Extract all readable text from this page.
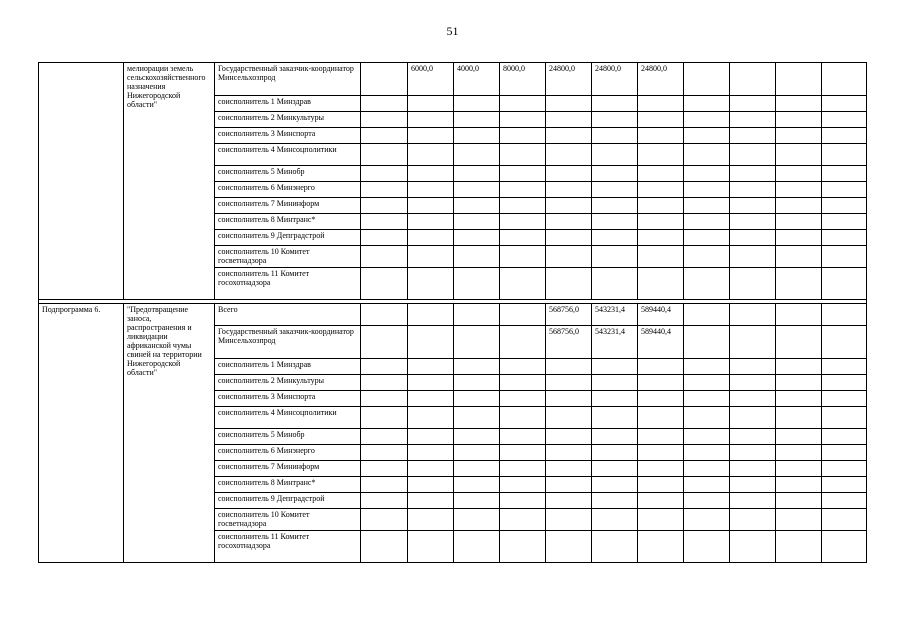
51
	мелиорации земель сельскохозяйственного назначения Нижегородской области"	Государственный заказчик-координатор Минсельхозпрод		6000,0	4000,0	8000,0	24800,0	24800,0	24800,0				
		соисполнитель 1 Минздрав											
		соисполнитель 2 Минкультуры											
		соисполнитель 3 Минспорта											
		соисполнитель 4 Минсоцполитики											
		соисполнитель 5 Минобр											
		соисполнитель 6 Минэнерго											
		соисполнитель 7 Мининформ											
		соисполнитель 8 Минтранс*											
		соисполнитель 9 Депградстрой											
		соисполнитель 10 Комитет госветнадзора											
		соисполнитель 11 Комитет госохотнадзора											

Подпрограмма 6.	"Предотвращение заноса, распространения и ликвидации африканской чумы свиней на территории Нижегородской области"	Всего					568756,0	543231,4	589440,4				
		Государственный заказчик-координатор Минсельхозпрод					568756,0	543231,4	589440,4				
		соисполнитель 1 Минздрав											
		соисполнитель 2 Минкультуры											
		соисполнитель 3 Минспорта											
		соисполнитель 4 Минсоцполитики											
		соисполнитель 5 Минобр											
		соисполнитель 6 Минэнерго											
		соисполнитель 7 Мининформ											
		соисполнитель 8 Минтранс*											
		соисполнитель 9 Депградстрой											
		соисполнитель 10 Комитет госветнадзора											
		соисполнитель 11 Комитет госохотнадзора											
